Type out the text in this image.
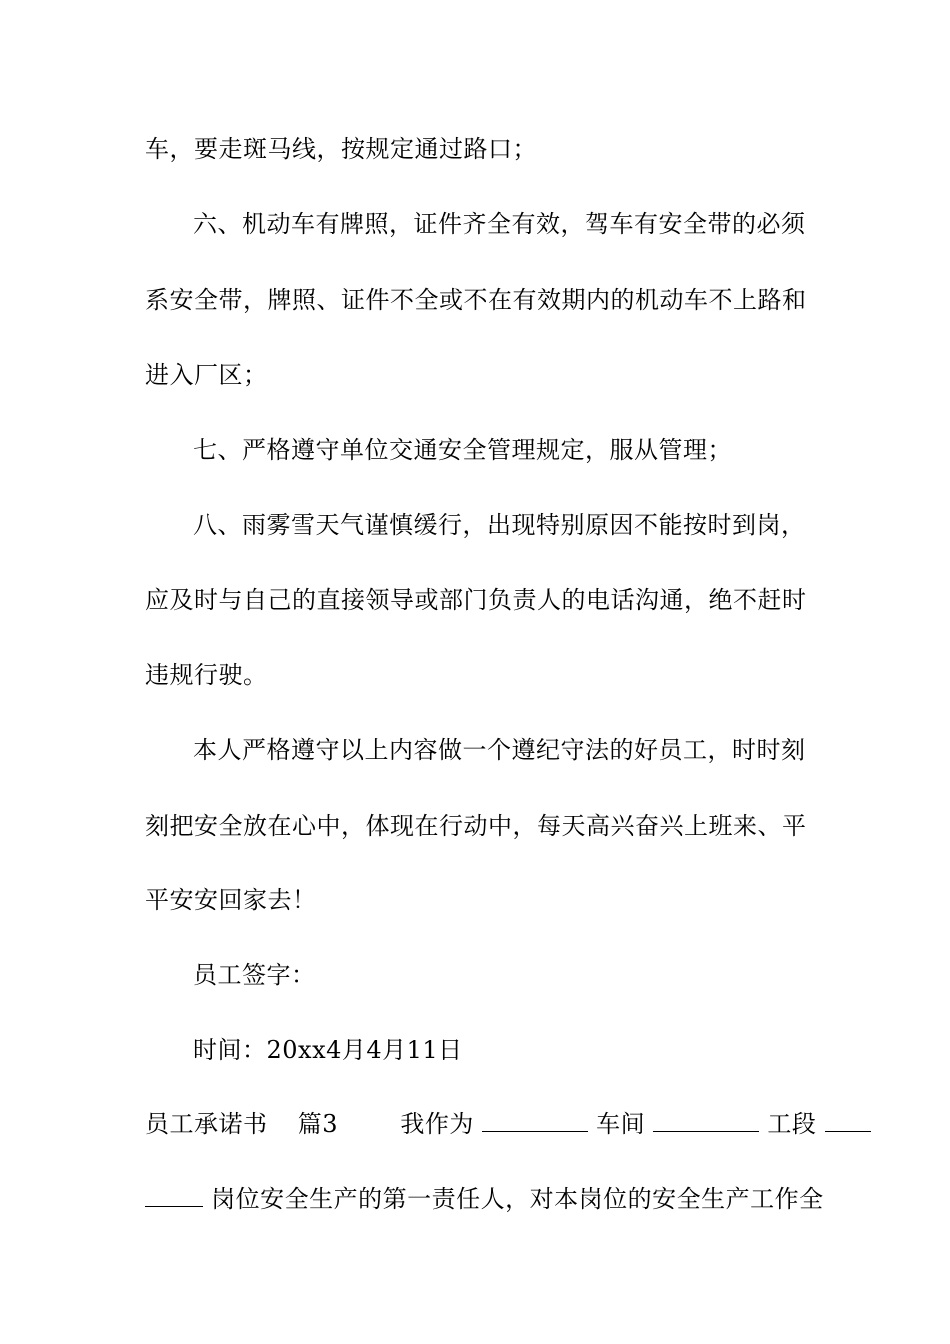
车，要走斑马线，按规定通过路口；
六、机动车有牌照，证件齐全有效，驾车有安全带的必须
系安全带，牌照、证件不全或不在有效期内的机动车不上路和
进入厂区；
七、严格遵守单位交通安全管理规定，服从管理；
八、雨雾雪天气谨慎缓行，出现特别原因不能按时到岗，
应及时与自己的直接领导或部门负责人的电话沟通，绝不赶时
违规行驶。
本人严格遵守以上内容做一个遵纪守法的好员工，时时刻
刻把安全放在心中，体现在行动中，每天高兴奋兴上班来、平
平安安回家去！
员工签字：
时间：20xx4月4月11日
员工承诺书 篇3	我作为	车间	工段
岗位安全生产的第一责任人，对本岗位的安全生产工作全
